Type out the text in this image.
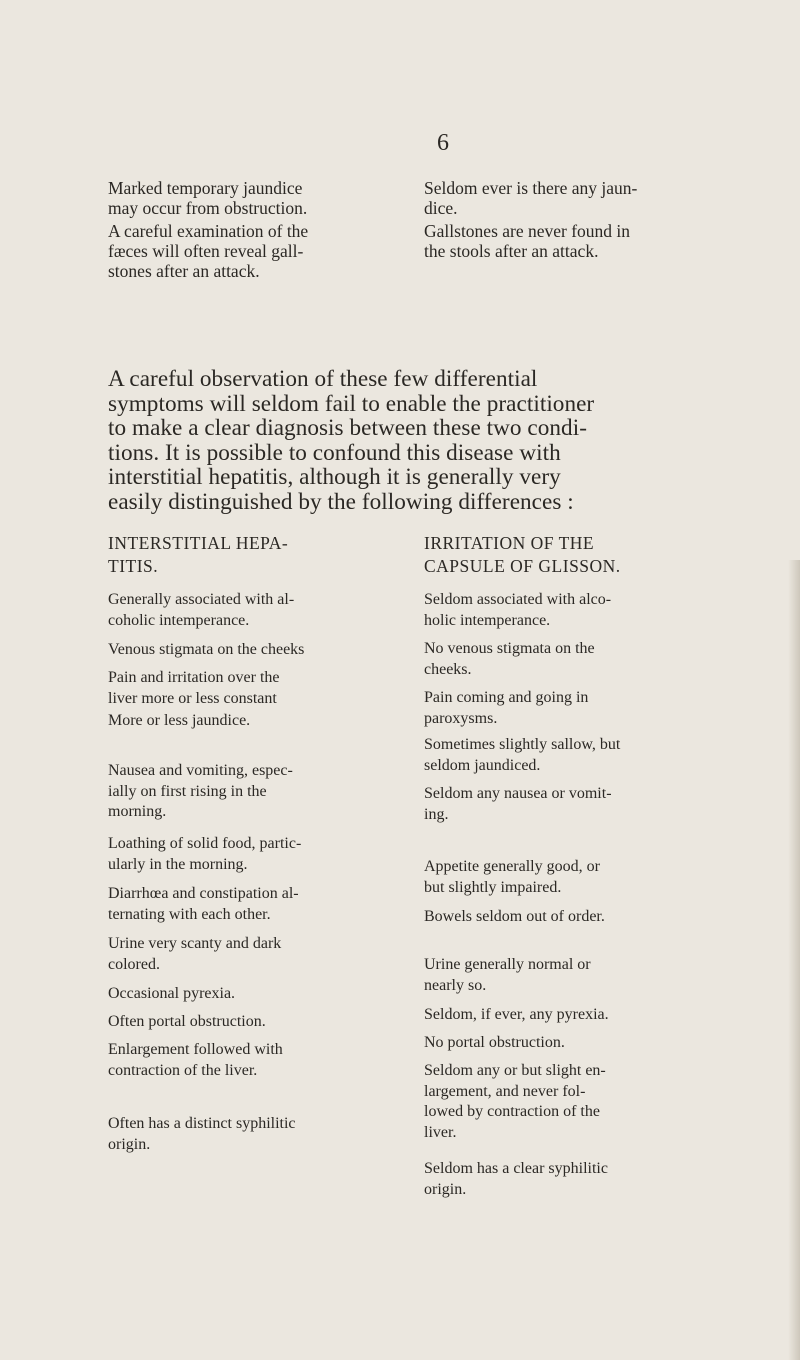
6
Marked temporary jaundice
may occur from obstruction.
A careful examination of the
fæces will often reveal gall-
stones after an attack.
Seldom ever is there any jaun-
dice.
Gallstones are never found in
the stools after an attack.
A careful observation of these few differential
symptoms will seldom fail to enable the practitioner
to make a clear diagnosis between these two condi-
tions. It is possible to confound this disease with
interstitial hepatitis, although it is generally very
easily distinguished by the following differences :
INTERSTITIAL HEPA-
TITIS.
IRRITATION OF THE
CAPSULE OF GLISSON.
Generally associated with al-
coholic intemperance.
Venous stigmata on the cheeks
Pain and irritation over the
liver more or less constant
More or less jaundice.
Nausea and vomiting, espec-
ially on first rising in the
morning.
Loathing of solid food, partic-
ularly in the morning.
Diarrhœa and constipation al-
ternating with each other.
Urine very scanty and dark
colored.
Occasional pyrexia.
Often portal obstruction.
Enlargement followed with
contraction of the liver.
Often has a distinct syphilitic
origin.
Seldom associated with alco-
holic intemperance.
No venous stigmata on the
cheeks.
Pain coming and going in
paroxysms.
Sometimes slightly sallow, but
seldom jaundiced.
Seldom any nausea or vomit-
ing.
Appetite generally good, or
but slightly impaired.
Bowels seldom out of order.
Urine generally normal or
nearly so.
Seldom, if ever, any pyrexia.
No portal obstruction.
Seldom any or but slight en-
largement, and never fol-
lowed by contraction of the
liver.
Seldom has a clear syphilitic
origin.
